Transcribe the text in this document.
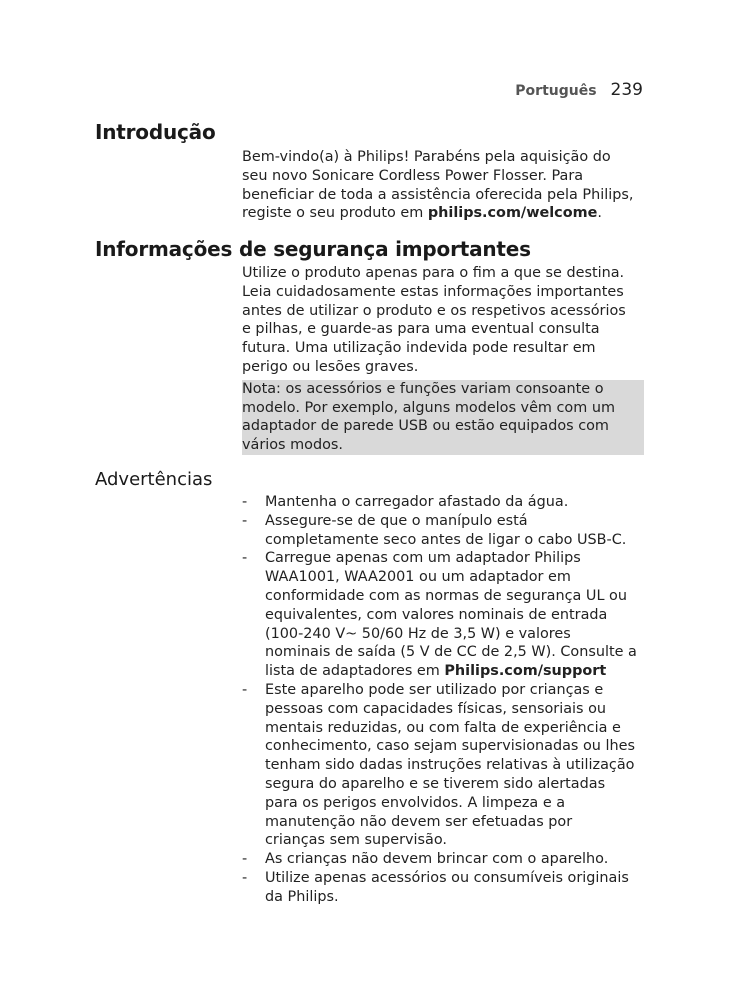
Português 239
Introdução

Bem-vindo(a) à Philips! Parabéns pela aquisição do
seu novo Sonicare Cordless Power Flosser. Para
beneficiar de toda a assistência oferecida pela Philips,
registe o seu produto em philips.com/welcome.

Informações de segurança importantes

Utilize o produto apenas para o fim a que se destina.
Leia cuidadosamente estas informações importantes
antes de utilizar o produto e os respetivos acessórios
e pilhas, e guarde-as para uma eventual consulta
futura. Uma utilização indevida pode resultar em
perigo ou lesões graves.

Nota: os acessórios e funções variam consoante o
modelo. Por exemplo, alguns modelos vêm com um
adaptador de parede USB ou estão equipados com
vários modos.

Advertências
- Mantenha o carregador afastado da água.
- Assegure-se de que o manípulo está
completamente seco antes de ligar o cabo USB-C.
- Carregue apenas com um adaptador Philips
WAA1001, WAA2001 ou um adaptador em
conformidade com as normas de segurança UL ou
equivalentes, com valores nominais de entrada
(100-240 V~ 50/60 Hz de 3,5 W) e valores
nominais de saída (5 V de CC de 2,5 W). Consulte a
lista de adaptadores em Philips.com/support
- Este aparelho pode ser utilizado por crianças e
pessoas com capacidades físicas, sensoriais ou
mentais reduzidas, ou com falta de experiência e
conhecimento, caso sejam supervisionadas ou lhes
tenham sido dadas instruções relativas à utilização
segura do aparelho e se tiverem sido alertadas
para os perigos envolvidos. A limpeza e a
manutenção não devem ser efetuadas por
crianças sem supervisão.
- As crianças não devem brincar com o aparelho.
- Utilize apenas acessórios ou consumíveis originais
da Philips.
